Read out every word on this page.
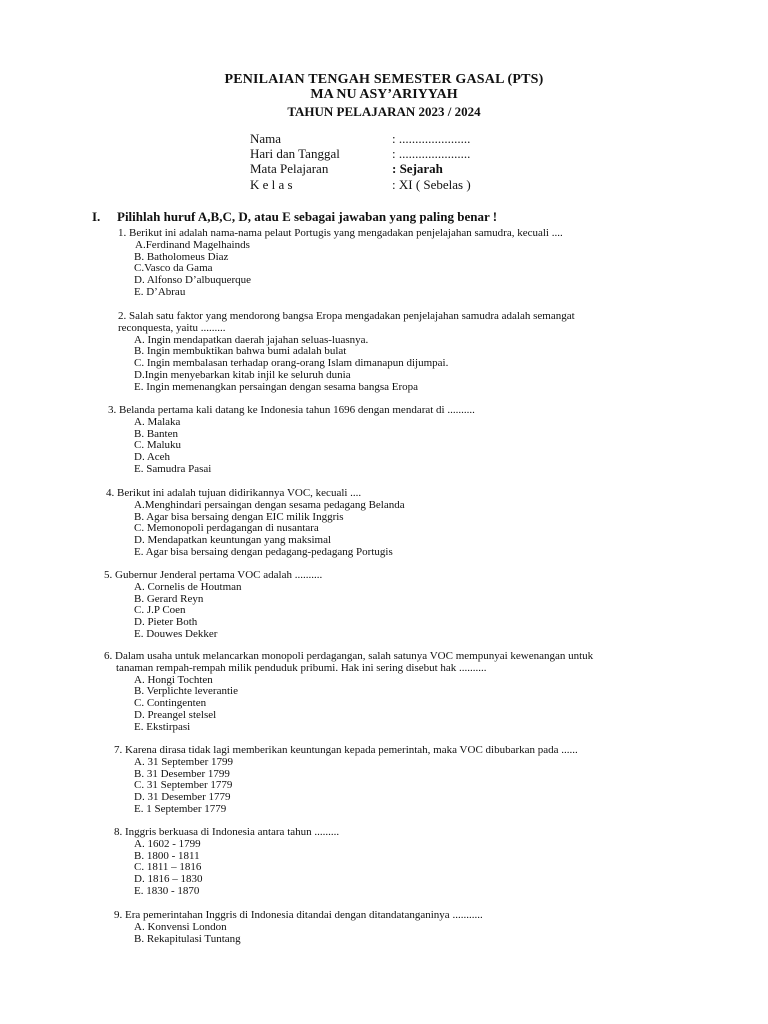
PENILAIAN TENGAH SEMESTER GASAL (PTS)
MA NU ASY’ARIYYAH
TAHUN PELAJARAN 2023 / 2024
Nama	: ......................
Hari dan Tanggal	: ......................
Mata Pelajaran	: Sejarah
K e l a s	: XI ( Sebelas )
I. Pilihlah huruf A,B,C, D, atau E sebagai jawaban yang paling benar !
1. Berikut ini adalah nama-nama pelaut Portugis yang mengadakan penjelajahan samudra, kecuali ....
A.Ferdinand Magelhainds
B. Batholomeus Diaz
C.Vasco da Gama
D. Alfonso D’albuquerque
E. D’Abrau
2. Salah satu faktor yang mendorong bangsa Eropa mengadakan penjelajahan samudra adalah semangat
reconquesta, yaitu .........
A. Ingin mendapatkan daerah jajahan seluas-luasnya.
B. Ingin membuktikan bahwa bumi adalah bulat
C. Ingin membalasan terhadap orang-orang Islam dimanapun dijumpai.
D.Ingin menyebarkan kitab injil ke seluruh dunia
E. Ingin memenangkan persaingan dengan sesama bangsa Eropa
3. Belanda pertama kali datang ke Indonesia tahun 1696 dengan mendarat di ..........
A. Malaka
B. Banten
C. Maluku
D. Aceh
E. Samudra Pasai
4. Berikut ini adalah tujuan didirikannya VOC, kecuali ....
A.Menghindari persaingan dengan sesama pedagang Belanda
B. Agar bisa bersaing dengan EIC milik Inggris
C. Memonopoli perdagangan di nusantara
D. Mendapatkan keuntungan yang maksimal
E. Agar bisa bersaing dengan pedagang-pedagang Portugis
5. Gubernur Jenderal pertama VOC adalah ..........
A. Cornelis de Houtman
B. Gerard Reyn
C. J.P Coen
D. Pieter Both
E. Douwes Dekker
6. Dalam usaha untuk melancarkan monopoli perdagangan, salah satunya VOC mempunyai kewenangan untuk
tanaman rempah-rempah milik penduduk pribumi. Hak ini sering disebut hak ..........
A. Hongi Tochten
B. Verplichte leverantie
C. Contingenten
D. Preangel stelsel
E. Ekstirpasi
7. Karena dirasa tidak lagi memberikan keuntungan kepada pemerintah, maka VOC dibubarkan pada ......
A. 31 September 1799
B. 31 Desember 1799
C. 31 September 1779
D. 31 Desember 1779
E. 1 September 1779
8. Inggris berkuasa di Indonesia antara tahun .........
A. 1602 - 1799
B. 1800 - 1811
C. 1811 – 1816
D. 1816 – 1830
E. 1830 - 1870
9. Era pemerintahan Inggris di Indonesia ditandai dengan ditandatanganinya ...........
A. Konvensi London
B. Rekapitulasi Tuntang
